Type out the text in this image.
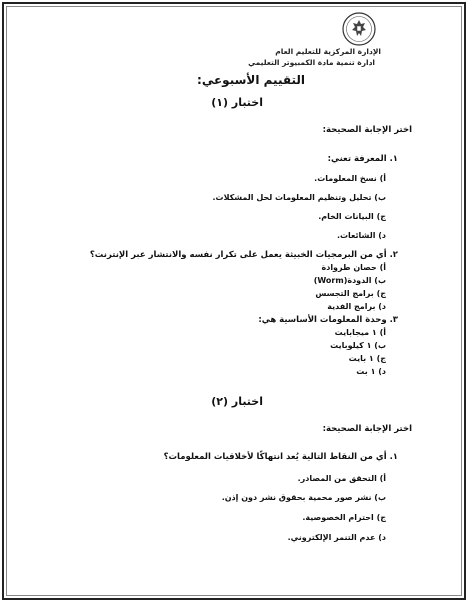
الإدارة المركزية للتعليم العام
ادارة تنمية مادة الكمبيوتر التعليمي
التقييم الأسبوعي:
اختبار (١)
اختر الإجابة الصحيحة:
١. المعرفة تعني:
أ) نسخ المعلومات.
ب) تحليل وتنظيم المعلومات لحل المشكلات.
ج) البيانات الخام.
د) الشائعات.
٢. أي من البرمجيات الخبيثة يعمل على تكرار نفسه والانتشار عبر الإنترنت؟
أ) حصان طروادة
ب) الدودة(Worm)
ج) برامج التجسس
د) برامج الفدية
٣. وحدة المعلومات الأساسية هي:
أ) ١ ميجابايت
ب) ١ كيلوبايت
ج) ١ بايت
د) ١ بت
اختبار (٢)
اختر الإجابة الصحيحة:
١. أي من النقاط التالية يُعد انتهاكًا لأخلاقيات المعلومات؟
أ) التحقق من المصادر.
ب) نشر صور محمية بحقوق نشر دون إذن.
ج) احترام الخصوصية.
د) عدم التنمر الإلكتروني.
